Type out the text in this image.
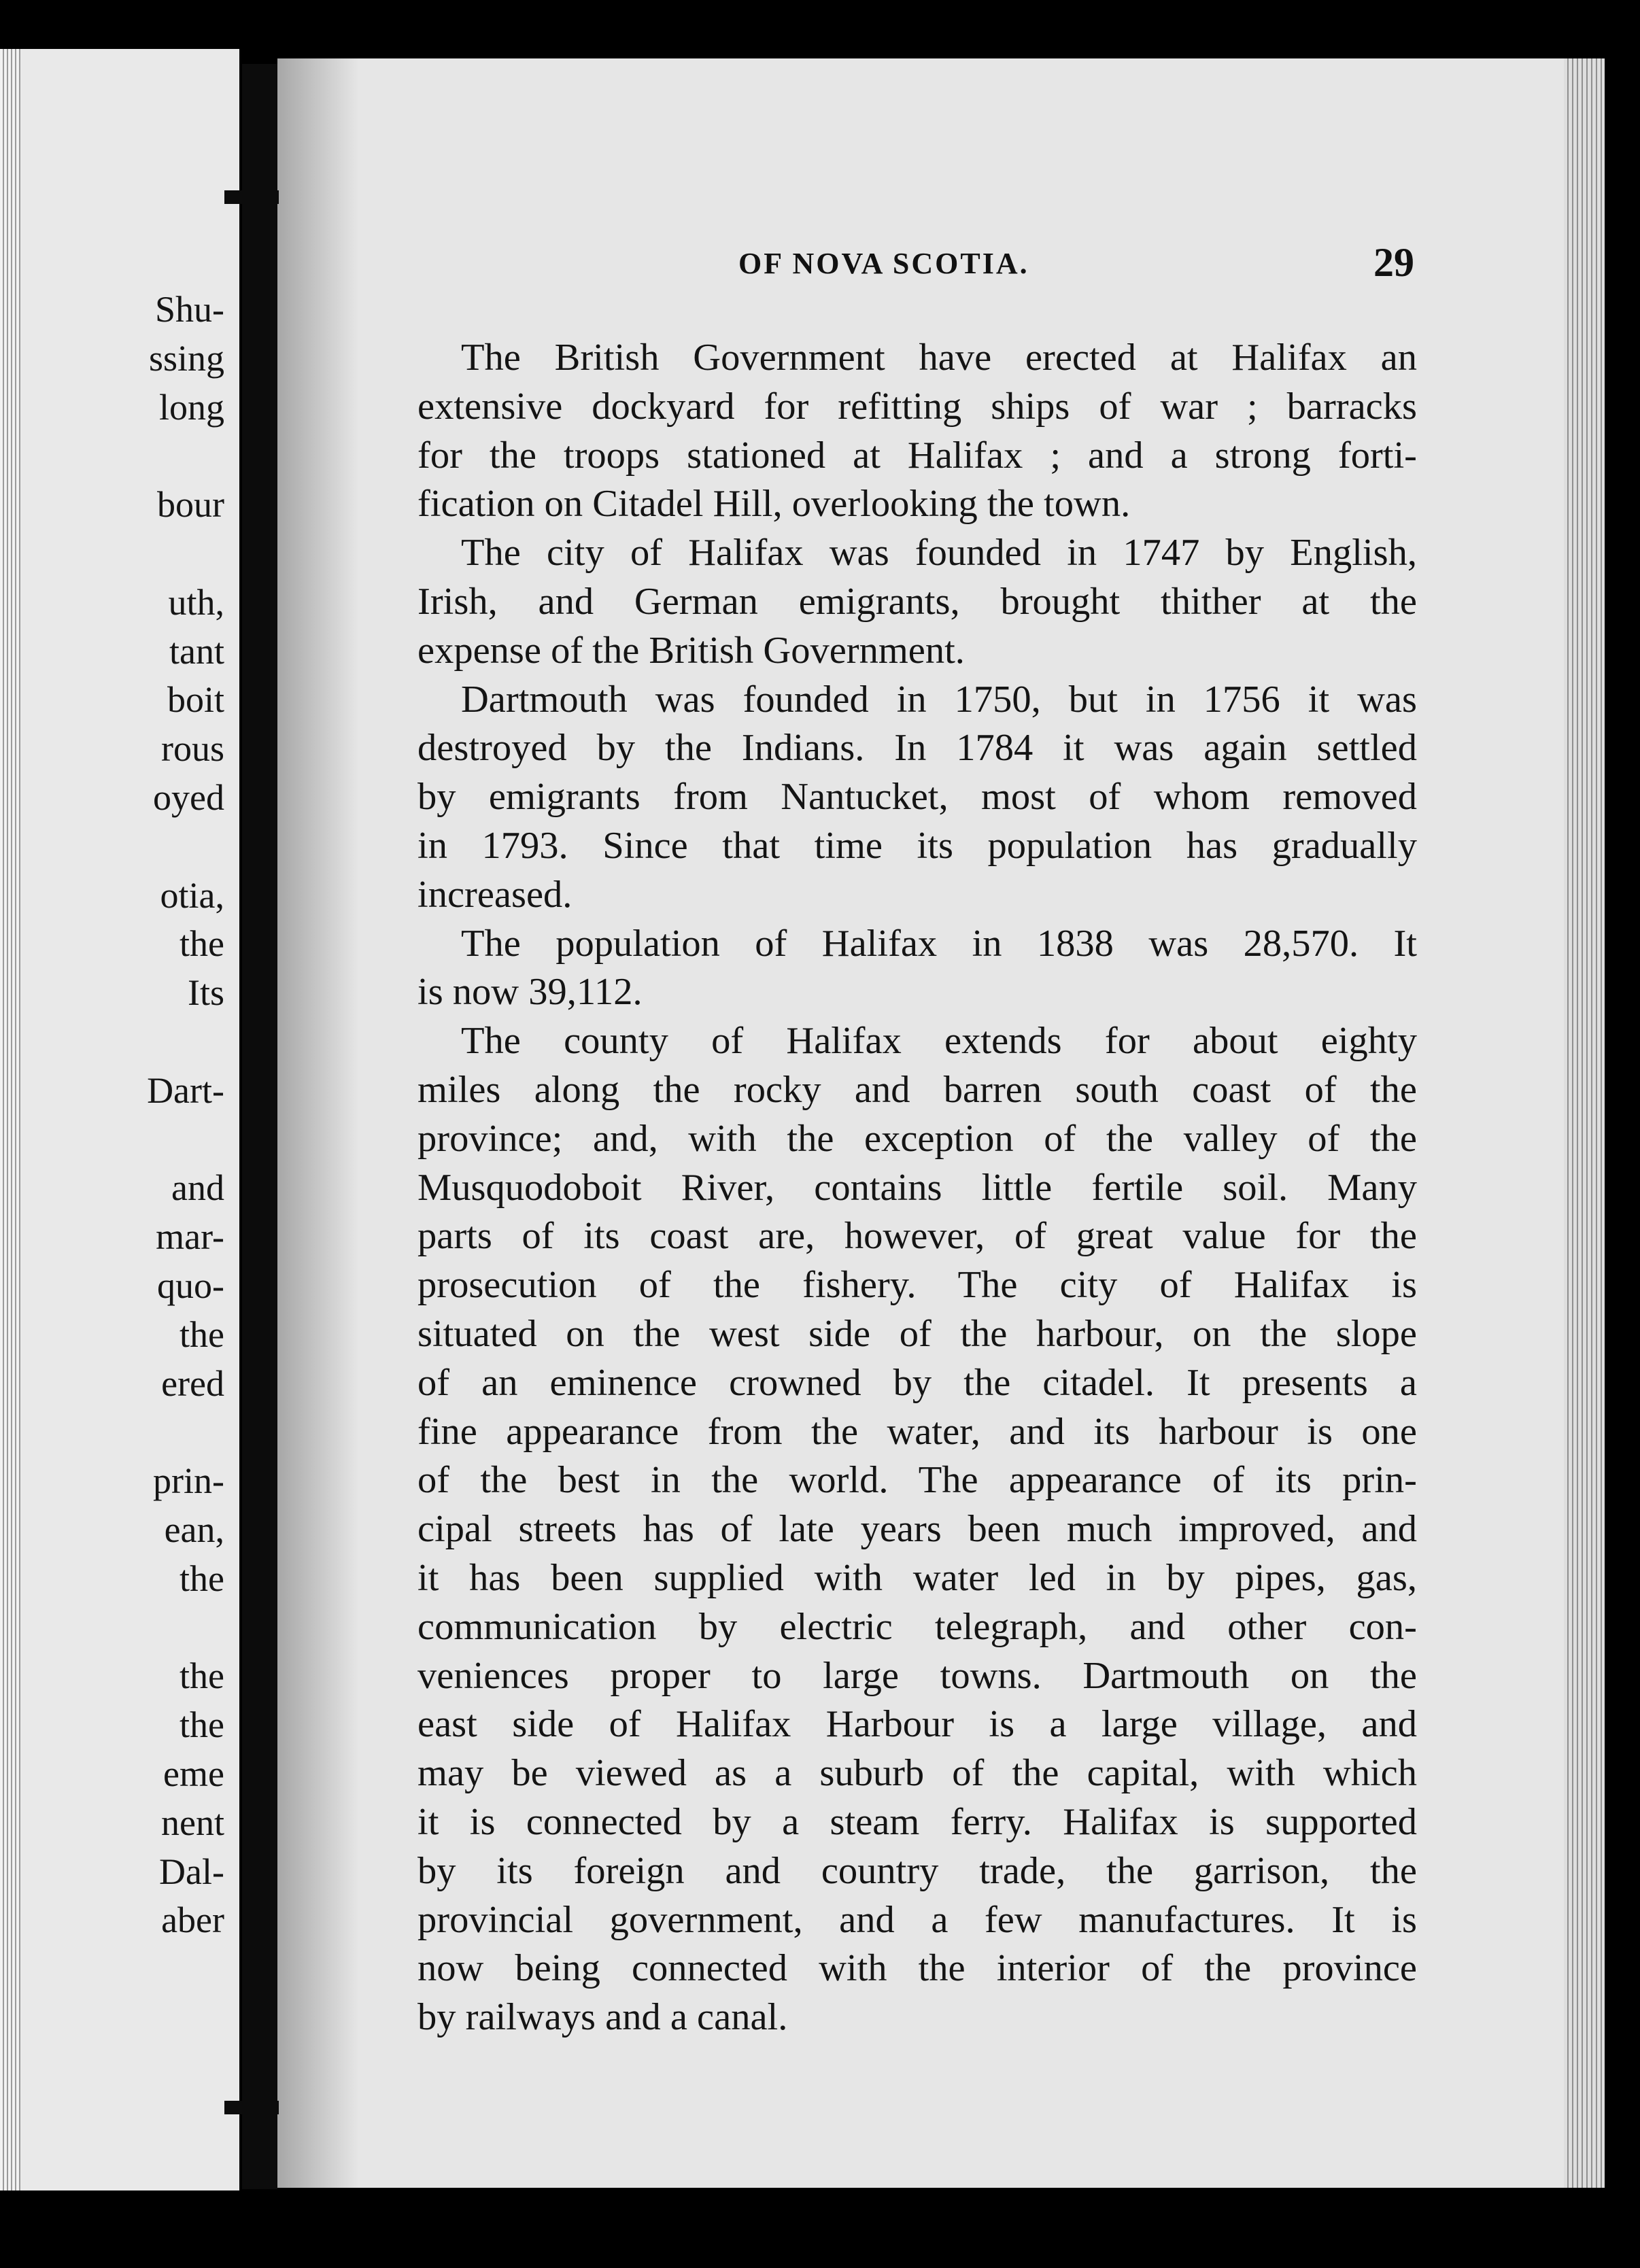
Shu-
ssing
long
bour
uth,
tant
boit
rous
oyed
otia,
the
Its
Dart-
and
mar-
quo-
the
ered
prin-
ean,
the
the
the
eme
nent
Dal-
aber
OF NOVA SCOTIA.	29
The British Government have erected at Halifax an
extensive dockyard for refitting ships of war ; barracks
for the troops stationed at Halifax ; and a strong forti-
fication on Citadel Hill, overlooking the town.
The city of Halifax was founded in 1747 by English,
Irish, and German emigrants, brought thither at the
expense of the British Government.
Dartmouth was founded in 1750, but in 1756 it was
destroyed by the Indians. In 1784 it was again settled
by emigrants from Nantucket, most of whom removed
in 1793. Since that time its population has gradually
increased.
The population of Halifax in 1838 was 28,570. It
is now 39,112.
The county of Halifax extends for about eighty
miles along the rocky and barren south coast of the
province; and, with the exception of the valley of the
Musquodoboit River, contains little fertile soil. Many
parts of its coast are, however, of great value for the
prosecution of the fishery. The city of Halifax is
situated on the west side of the harbour, on the slope
of an eminence crowned by the citadel. It presents a
fine appearance from the water, and its harbour is one
of the best in the world. The appearance of its prin-
cipal streets has of late years been much improved, and
it has been supplied with water led in by pipes, gas,
communication by electric telegraph, and other con-
veniences proper to large towns. Dartmouth on the
east side of Halifax Harbour is a large village, and
may be viewed as a suburb of the capital, with which
it is connected by a steam ferry. Halifax is supported
by its foreign and country trade, the garrison, the
provincial government, and a few manufactures. It is
now being connected with the interior of the province
by railways and a canal.
